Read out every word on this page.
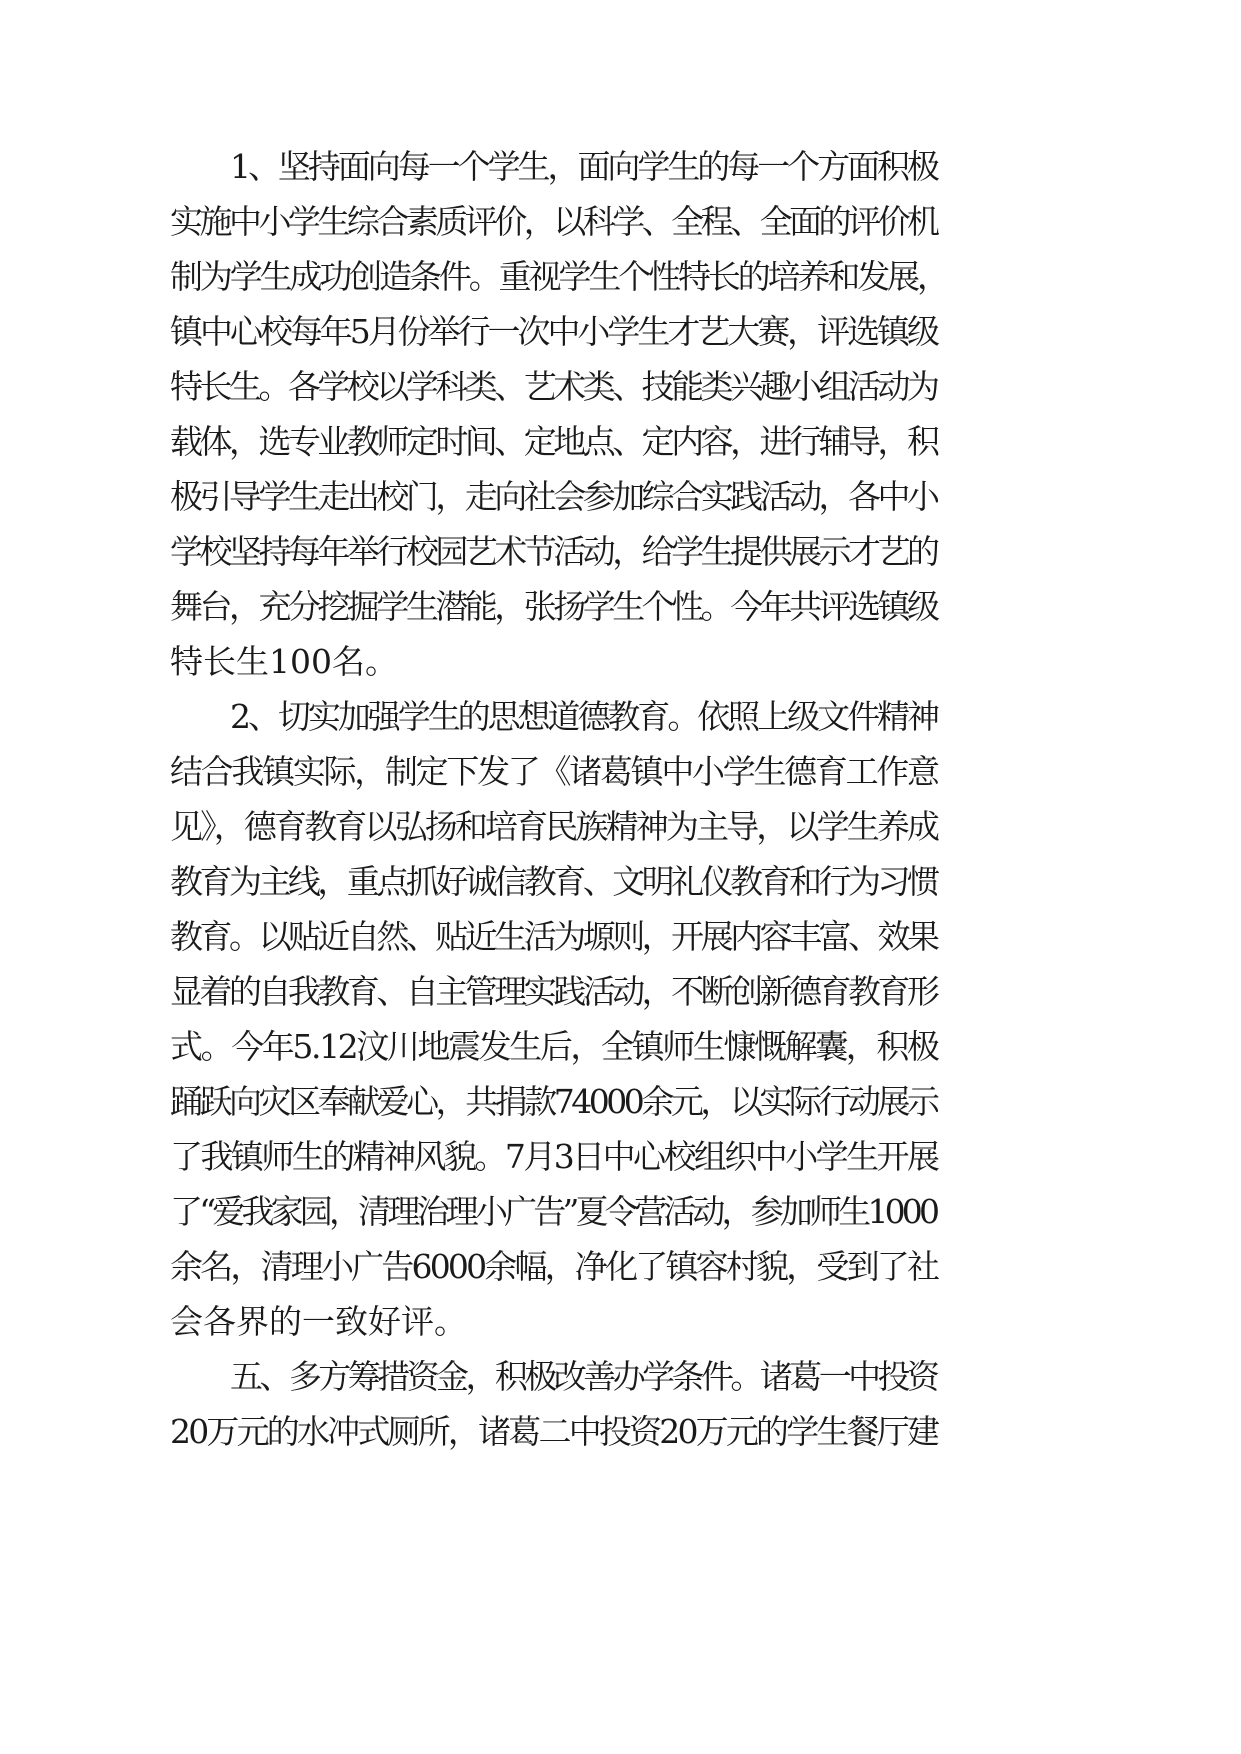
1、坚持面向每一个学生，面向学生的每一个方面积极
实施中小学生综合素质评价，以科学、全程、全面的评价机
制为学生成功创造条件。重视学生个性特长的培养和发展，
镇中心校每年5月份举行一次中小学生才艺大赛，评选镇级
特长生。各学校以学科类、艺术类、技能类兴趣小组活动为
载体，选专业教师定时间、定地点、定内容，进行辅导，积
极引导学生走出校门，走向社会参加综合实践活动，各中小
学校坚持每年举行校园艺术节活动，给学生提供展示才艺的
舞台，充分挖掘学生潜能，张扬学生个性。今年共评选镇级
特长生100名。
2、切实加强学生的思想道德教育。依照上级文件精神
结合我镇实际，制定下发了《诸葛镇中小学生德育工作意
见》，德育教育以弘扬和培育民族精神为主导，以学生养成
教育为主线，重点抓好诚信教育、文明礼仪教育和行为习惯
教育。以贴近自然、贴近生活为塬则，开展内容丰富、效果
显着的自我教育、自主管理实践活动，不断创新德育教育形
式。今年5.12汶川地震发生后，全镇师生慷慨解囊，积极
踊跃向灾区奉献爱心，共捐款74000余元，以实际行动展示
了我镇师生的精神风貌。7月3日中心校组织中小学生开展
了“爱我家园，清理治理小广告”夏令营活动，参加师生1000
余名，清理小广告6000余幅，净化了镇容村貌，受到了社
会各界的一致好评。
五、多方筹措资金，积极改善办学条件。诸葛一中投资
20万元的水冲式厕所，诸葛二中投资20万元的学生餐厅建
